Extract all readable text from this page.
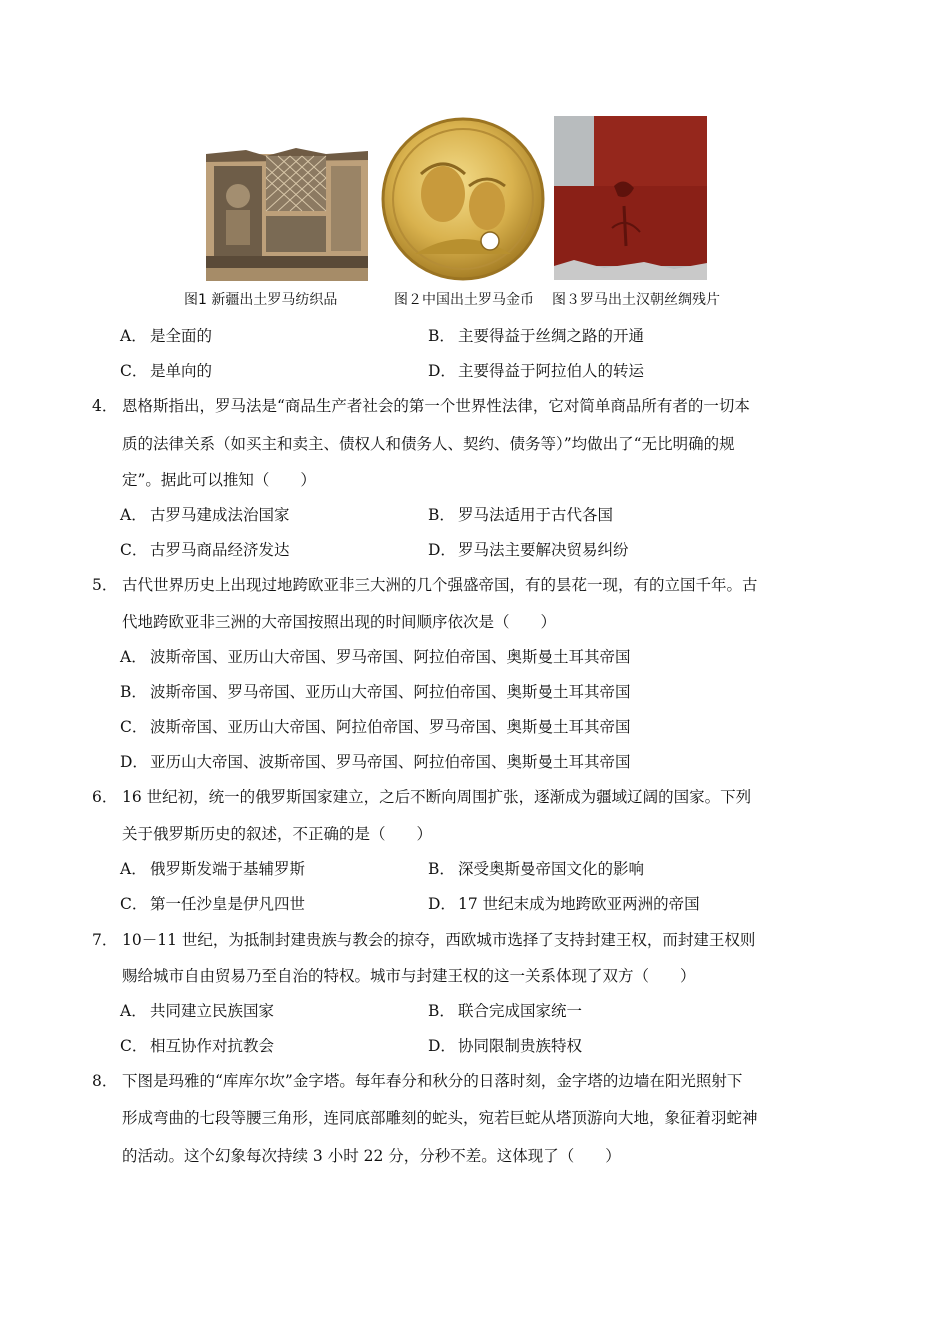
图1 新疆出土罗马纺织品	图２中国出土罗马金币 图３罗马出土汉朝丝绸残片
A． 是全面的	B． 主要得益于丝绸之路的开通
C． 是单向的	D． 主要得益于阿拉伯人的转运
4． 恩格斯指出，罗马法是“商品生产者社会的第一个世界性法律，它对简单商品所有者的一切本
质的法律关系（如买主和卖主、债权人和债务人、契约、债务等）”均做出了“无比明确的规
定”。据此可以推知（　　）
A． 古罗马建成法治国家	B． 罗马法适用于古代各国
C． 古罗马商品经济发达	D． 罗马法主要解决贸易纠纷
5． 古代世界历史上出现过地跨欧亚非三大洲的几个强盛帝国，有的昙花一现，有的立国千年。古
代地跨欧亚非三洲的大帝国按照出现的时间顺序依次是（　　）
A． 波斯帝国、亚历山大帝国、罗马帝国、阿拉伯帝国、奥斯曼土耳其帝国
B． 波斯帝国、罗马帝国、亚历山大帝国、阿拉伯帝国、奥斯曼土耳其帝国
C． 波斯帝国、亚历山大帝国、阿拉伯帝国、罗马帝国、奥斯曼土耳其帝国
D． 亚历山大帝国、波斯帝国、罗马帝国、阿拉伯帝国、奥斯曼土耳其帝国
6． 16 世纪初，统一的俄罗斯国家建立，之后不断向周围扩张，逐渐成为疆域辽阔的国家。下列
关于俄罗斯历史的叙述，不正确的是（　　）
A． 俄罗斯发端于基辅罗斯	B． 深受奥斯曼帝国文化的影响
C． 第一任沙皇是伊凡四世	D． 17 世纪末成为地跨欧亚两洲的帝国
7． 10－11 世纪，为抵制封建贵族与教会的掠夺，西欧城市选择了支持封建王权，而封建王权则
赐给城市自由贸易乃至自治的特权。城市与封建王权的这一关系体现了双方（　　）
A． 共同建立民族国家	B． 联合完成国家统一
C． 相互协作对抗教会	D． 协同限制贵族特权
8． 下图是玛雅的“库库尔坎”金字塔。每年春分和秋分的日落时刻，金字塔的边墙在阳光照射下
形成弯曲的七段等腰三角形，连同底部雕刻的蛇头，宛若巨蛇从塔顶游向大地，象征着羽蛇神
的活动。这个幻象每次持续 3 小时 22 分，分秒不差。这体现了（　　）
